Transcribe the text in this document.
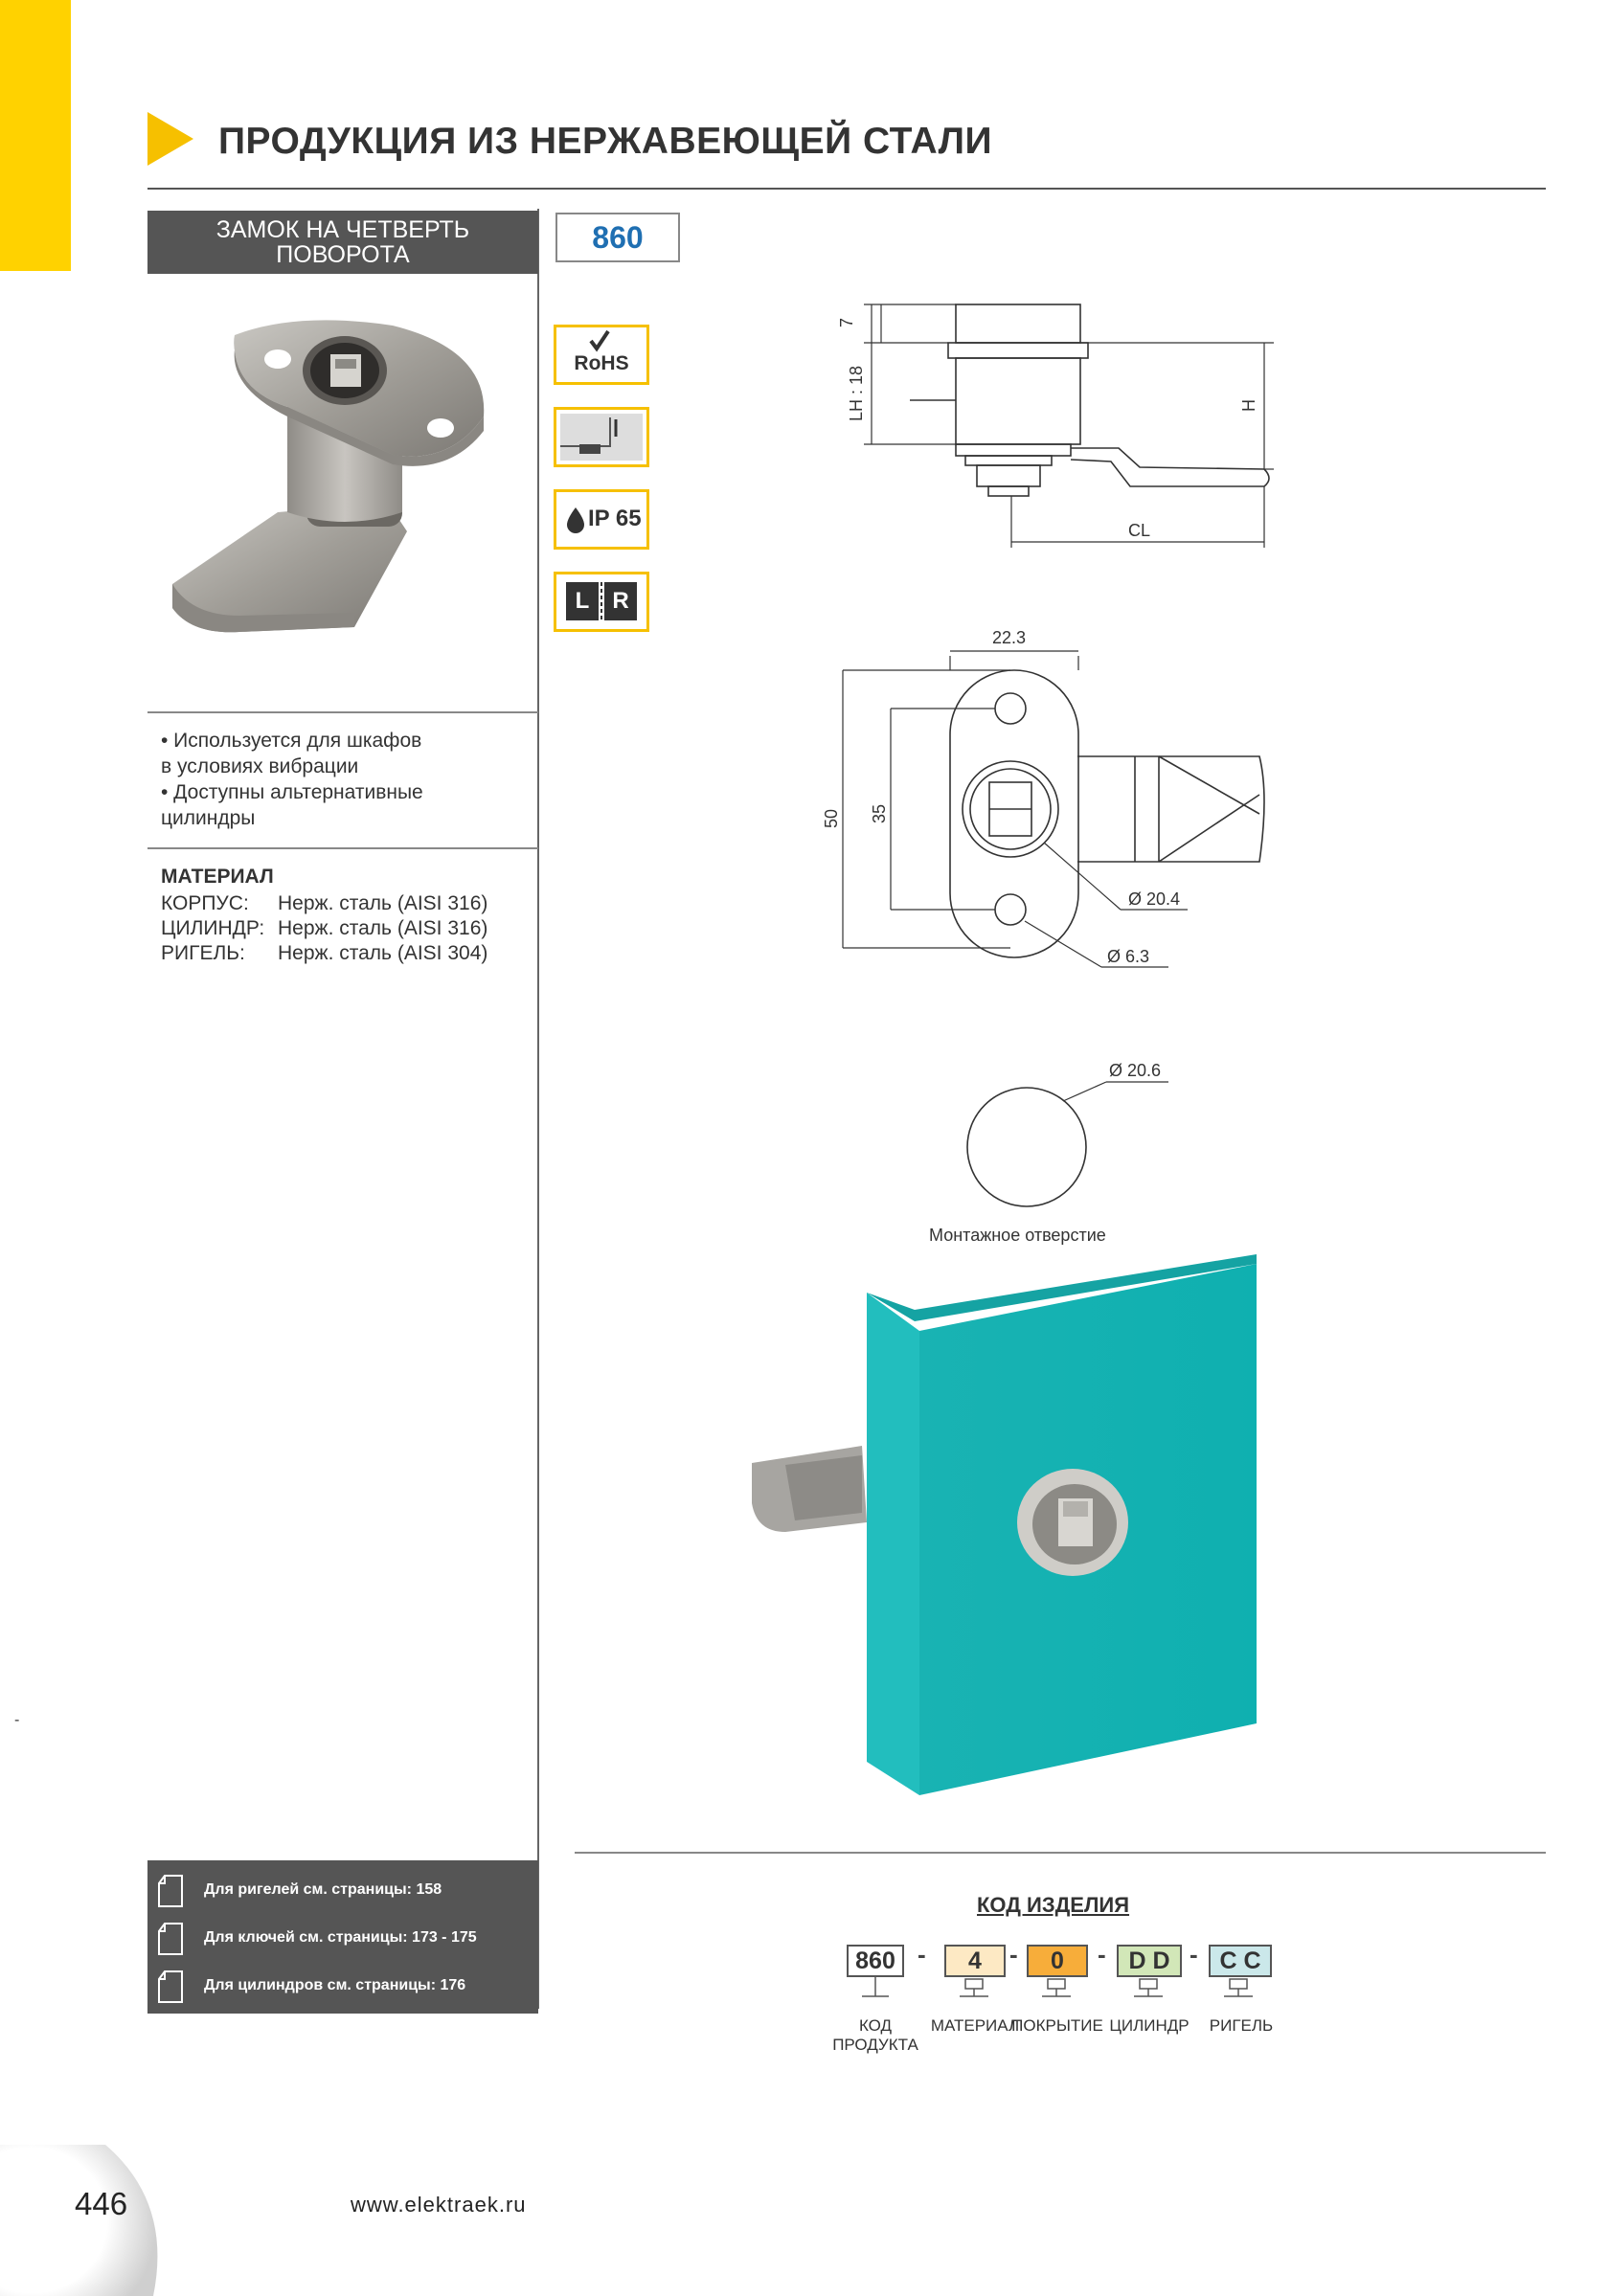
ПРОДУКЦИЯ ИЗ НЕРЖАВЕЮЩЕЙ СТАЛИ
ЗАМОК НА ЧЕТВЕРТЬ
ПОВОРОТА	860
RoHS
IP 65
L	R
• Используется для шкафов
в условиях вибрации
• Доступны альтернативные
цилиндры
МАТЕРИАЛ
КОРПУС: Нерж. сталь (AISI 316)
ЦИЛИНДР: Нерж. сталь (AISI 316)
РИГЕЛЬ: Нерж. сталь (AISI 304)
-
Для ригелей см. страницы: 158
Для ключей см. страницы: 173 - 175
Для цилиндров см. страницы: 176
7
LH : 18	H
CL
22.3
50 35
Ø 20.4
Ø 6.3
Ø 20.6
Монтажное отверстие
КОД ИЗДЕЛИЯ
860 -	4	-	0	- D D - C C
КОД
ПРОДУКТА
МАТЕРИАЛ
ПОКРЫТИЕ ЦИЛИНДР	РИГЕЛЬ
446	www.elektraek.ru
